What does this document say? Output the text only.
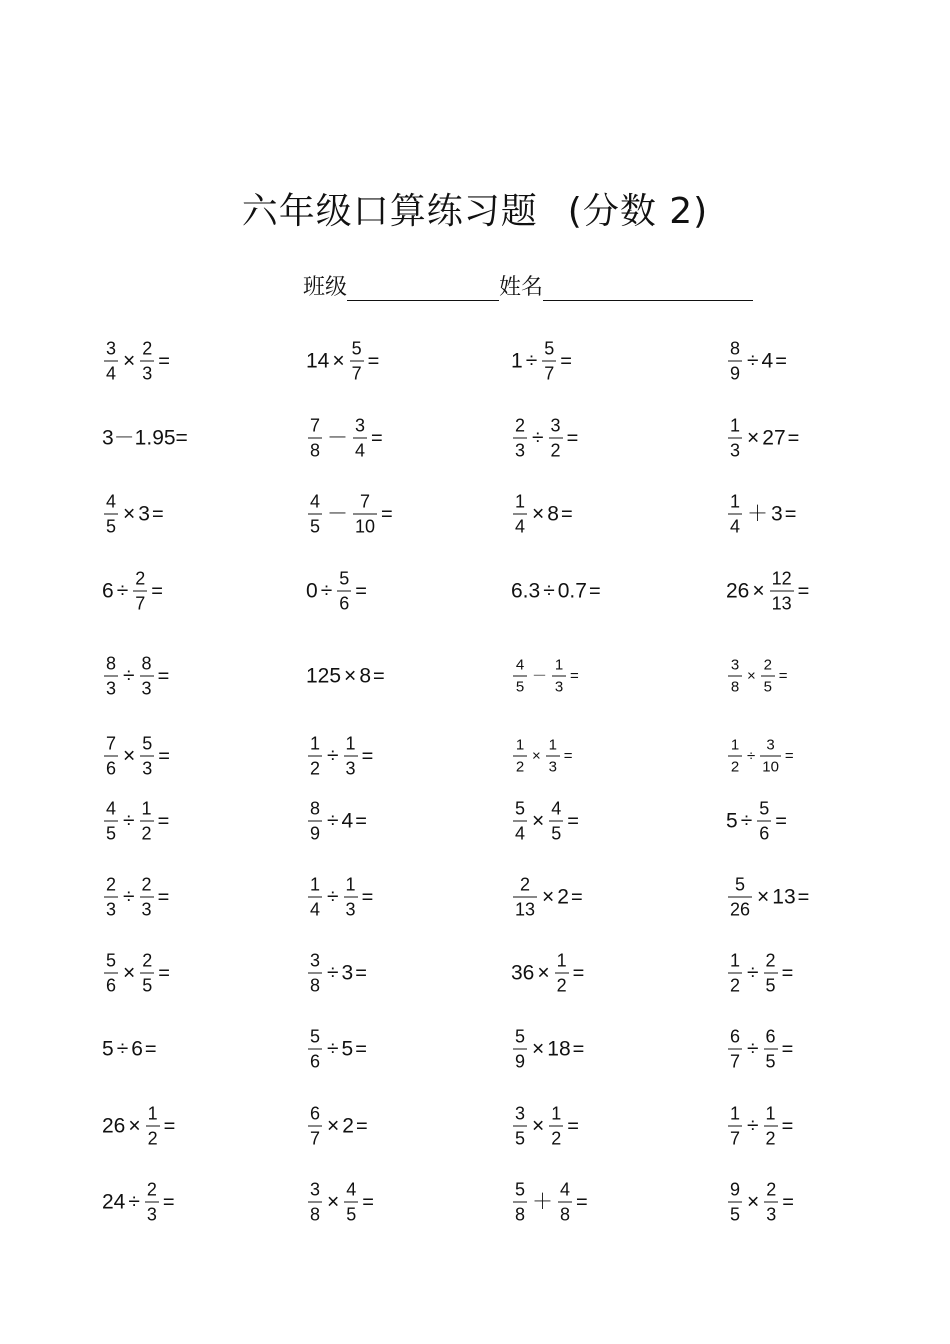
六年级口算练习题 (分数 2)
班级	姓名
$\frac{3}{4} \times \frac{2}{3}$ =	$14 \times \frac{5}{7}$ =	$1 \div \frac{5}{7}$ =	$\frac{8}{9} \div 4$ =
3－1.95=	$\frac{7}{8} - \frac{3}{4}$ =	$\frac{2}{3} \div \frac{3}{2}$ =	$\frac{1}{3} \times 27$ =
$\frac{4}{5} \times 3$ =	$\frac{4}{5} - \frac{7}{10}$ =	$\frac{1}{4} \times 8$ =	$\frac{1}{4} + 3$ =
$6 \div \frac{2}{7}$ =	$0 \div \frac{5}{6}$ =	6.3 ÷ 0.7 =	$26 \times \frac{12}{13}$ =
$\frac{8}{3} \div \frac{8}{3}$ =	125 × 8 =	$\frac{4}{5} - \frac{1}{3}$ =	$\frac{3}{8} \times \frac{2}{5}$ =
$\frac{7}{6} \times \frac{5}{3}$ =	$\frac{1}{2} \div \frac{1}{3}$ =	$\frac{1}{2} \times \frac{1}{3}$ =	$\frac{1}{2} \div \frac{3}{10}$ =
$\frac{4}{5} \div \frac{1}{2}$ =	$\frac{8}{9} \div 4$ =	$\frac{5}{4} \times \frac{4}{5}$ =	$5 \div \frac{5}{6}$ =
$\frac{2}{3} \div \frac{2}{3}$ =	$\frac{1}{4} \div \frac{1}{3}$ =	$\frac{2}{13} \times 2$ =	$\frac{5}{26} \times 13$ =
$\frac{5}{6} \times \frac{2}{5}$ =	$\frac{3}{8} \div 3$ =	$36 \times \frac{1}{2}$ =	$\frac{1}{2} \div \frac{2}{5}$ =
5 ÷ 6 =	$\frac{5}{6} \div 5$ =	$\frac{5}{9} \times 18$ =	$\frac{6}{7} \div \frac{6}{5}$ =
$26 \times \frac{1}{2}$ =	$\frac{6}{7} \times 2$ =	$\frac{3}{5} \times \frac{1}{2}$ =	$\frac{1}{7} \div \frac{1}{2}$ =
$24 \div \frac{2}{3}$ =	$\frac{3}{8} \times \frac{4}{5}$ =	$\frac{5}{8} + \frac{4}{8}$ =	$\frac{9}{5} \times \frac{2}{3}$ =
